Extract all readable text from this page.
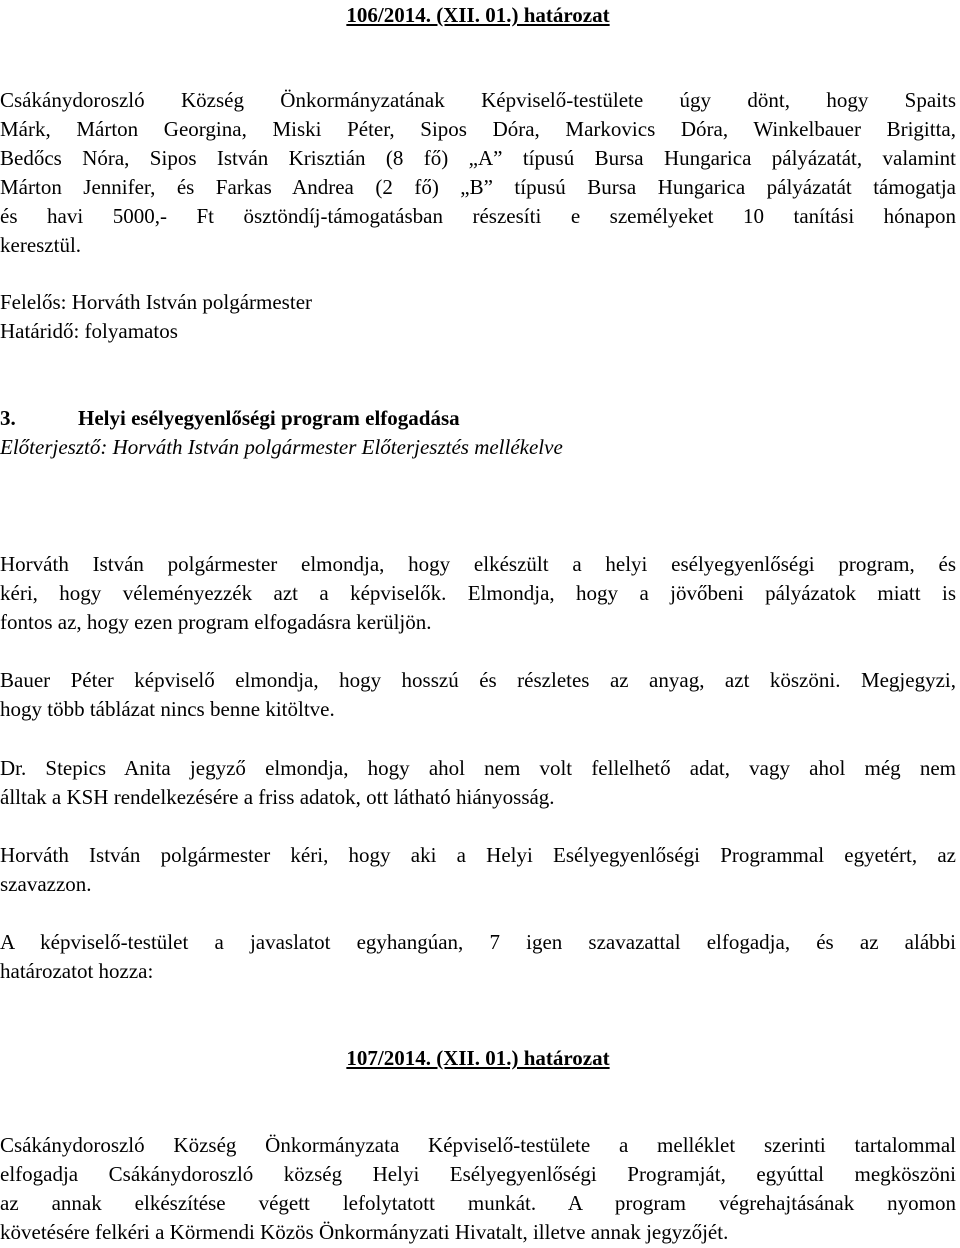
106/2014. (XII. 01.) határozat
Csákánydoroszló Község Önkormányzatának Képviselő-testülete úgy dönt, hogy Spaits
Márk, Márton Georgina, Miski Péter, Sipos Dóra, Markovics Dóra, Winkelbauer Brigitta,
Bedőcs Nóra, Sipos István Krisztián (8 fő) „A” típusú Bursa Hungarica pályázatát, valamint
Márton Jennifer, és Farkas Andrea (2 fő) „B” típusú Bursa Hungarica pályázatát támogatja
és havi 5000,- Ft ösztöndíj-támogatásban részesíti e személyeket 10 tanítási hónapon
keresztül.
Felelős: Horváth István polgármester
Határidő: folyamatos
3.	Helyi esélyegyenlőségi program elfogadása
Előterjesztő: Horváth István polgármester Előterjesztés mellékelve
Horváth István polgármester elmondja, hogy elkészült a helyi esélyegyenlőségi program, és
kéri, hogy véleményezzék azt a képviselők. Elmondja, hogy a jövőbeni pályázatok miatt is
fontos az, hogy ezen program elfogadásra kerüljön.
Bauer Péter képviselő elmondja, hogy hosszú és részletes az anyag, azt köszöni. Megjegyzi,
hogy több táblázat nincs benne kitöltve.
Dr. Stepics Anita jegyző elmondja, hogy ahol nem volt fellelhető adat, vagy ahol még nem
álltak a KSH rendelkezésére a friss adatok, ott látható hiányosság.
Horváth István polgármester kéri, hogy aki a Helyi Esélyegyenlőségi Programmal egyetért, az
szavazzon.
A képviselő-testület a javaslatot egyhangúan, 7 igen szavazattal elfogadja, és az alábbi
határozatot hozza:
107/2014. (XII. 01.) határozat
Csákánydoroszló Község Önkormányzata Képviselő-testülete a melléklet szerinti tartalommal
elfogadja Csákánydoroszló község Helyi Esélyegyenlőségi Programját, egyúttal megköszöni
az annak elkészítése végett lefolytatott munkát. A program végrehajtásának nyomon
követésére felkéri a Körmendi Közös Önkormányzati Hivatalt, illetve annak jegyzőjét.
